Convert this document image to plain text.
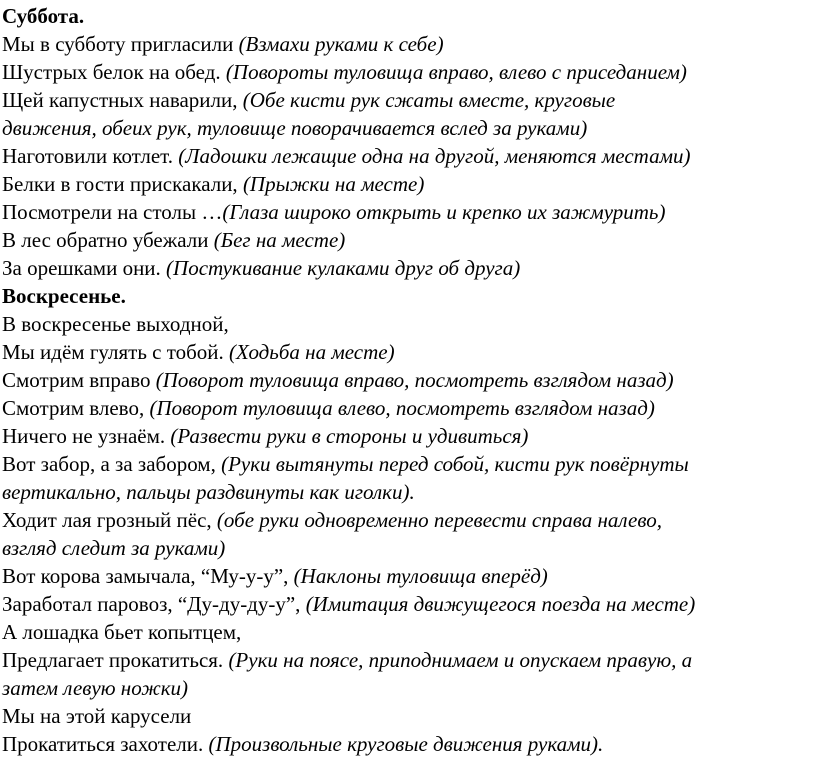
Суббота.
Мы в субботу пригласили (Взмахи руками к себе)
Шустрых белок на обед. (Повороты туловища вправо, влево с приседанием)
Щей капустных наварили, (Обе кисти рук сжаты вместе, круговые
движения, обеих рук, туловище поворачивается вслед за руками)
Наготовили котлет. (Ладошки лежащие одна на другой, меняются местами)
Белки в гости прискакали, (Прыжки на месте)
Посмотрели на столы …(Глаза широко открыть и крепко их зажмурить)
В лес обратно убежали (Бег на месте)
За орешками они. (Постукивание кулаками друг об друга)
Воскресенье.
В воскресенье выходной,
Мы идём гулять с тобой. (Ходьба на месте)
Смотрим вправо (Поворот туловища вправо, посмотреть взглядом назад)
Смотрим влево, (Поворот туловища влево, посмотреть взглядом назад)
Ничего не узнаём. (Развести руки в стороны и удивиться)
Вот забор, а за забором, (Руки вытянуты перед собой, кисти рук повёрнуты
вертикально, пальцы раздвинуты как иголки).
Ходит лая грозный пёс, (обе руки одновременно перевести справа налево,
взгляд следит за руками)
Вот корова замычала, “Му-у-у”, (Наклоны туловища вперёд)
Заработал паровоз, “Ду-ду-ду-у”, (Имитация движущегося поезда на месте)
А лошадка бьет копытцем,
Предлагает прокатиться. (Руки на поясе, приподнимаем и опускаем правую, а
затем левую ножки)
Мы на этой карусели
Прокатиться захотели. (Произвольные круговые движения руками).
